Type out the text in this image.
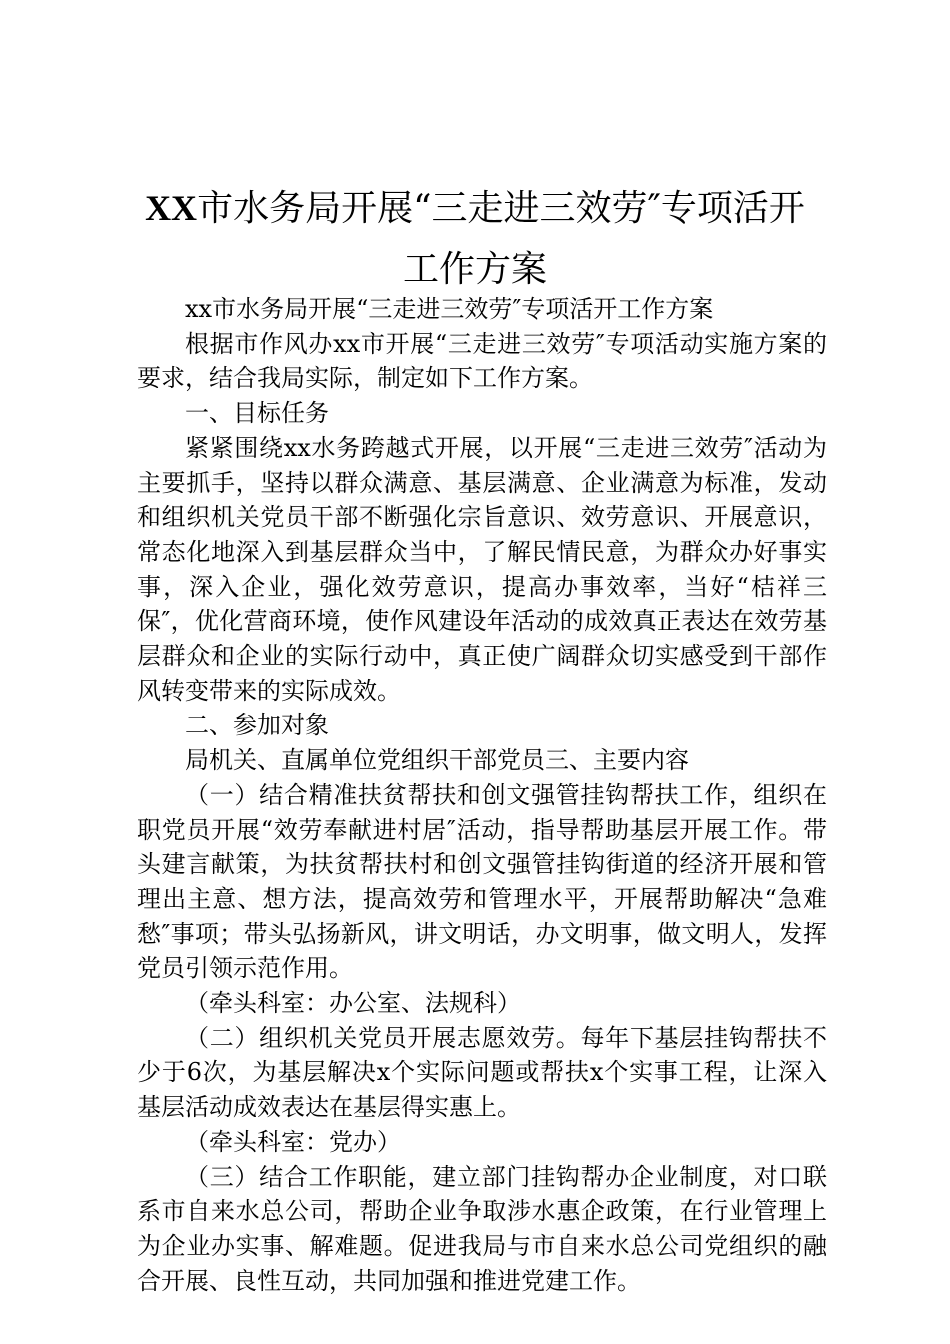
XX市水务局开展“三走进三效劳″专项活开
工作方案

xx市水务局开展“三走进三效劳″专项活开工作方案

根据市作风办xx市开展“三走进三效劳″专项活动实施方案的要求，结合我局实际，制定如下工作方案。

一、目标任务

紧紧围绕xx水务跨越式开展，以开展“三走进三效劳″活动为主要抓手，坚持以群众满意、基层满意、企业满意为标准，发动和组织机关党员干部不断强化宗旨意识、效劳意识、开展意识，常态化地深入到基层群众当中，了解民情民意，为群众办好事实事，深入企业，强化效劳意识，提高办事效率，当好“桔祥三保″，优化营商环境，使作风建设年活动的成效真正表达在效劳基层群众和企业的实际行动中，真正使广阔群众切实感受到干部作风转变带来的实际成效。

二、参加对象

局机关、直属单位党组织干部党员三、主要内容

（一）结合精准扶贫帮扶和创文强管挂钩帮扶工作，组织在职党员开展“效劳奉献进村居″活动，指导帮助基层开展工作。带头建言献策，为扶贫帮扶村和创文强管挂钩街道的经济开展和管理出主意、想方法，提高效劳和管理水平，开展帮助解决“急难愁″事项；带头弘扬新风，讲文明话，办文明事，做文明人，发挥党员引领示范作用。

（牵头科室：办公室、法规科）

（二）组织机关党员开展志愿效劳。每年下基层挂钩帮扶不少于6次，为基层解决x个实际问题或帮扶x个实事工程，让深入基层活动成效表达在基层得实惠上。

（牵头科室：党办）

（三）结合工作职能，建立部门挂钩帮办企业制度，对口联系市自来水总公司，帮助企业争取涉水惠企政策，在行业管理上为企业办实事、解难题。促进我局与市自来水总公司党组织的融合开展、良性互动，共同加强和推进党建工作。
